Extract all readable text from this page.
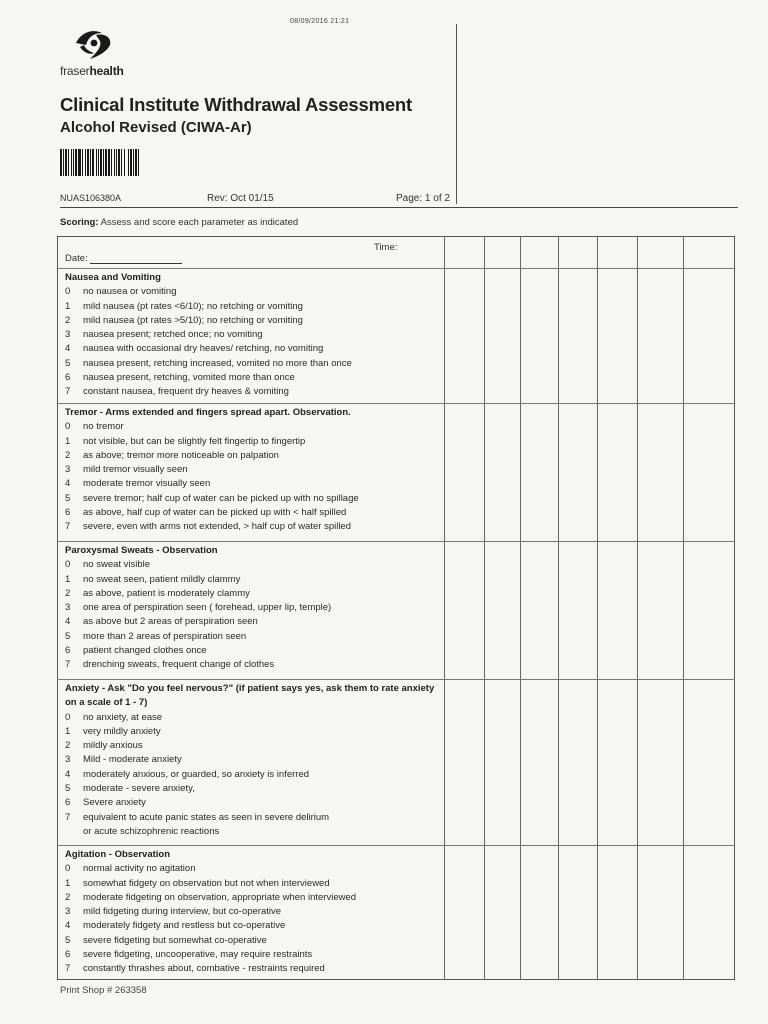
08/09/2016 21:21
fraserhealth
Clinical Institute Withdrawal Assessment
Alcohol Revised (CIWA-Ar)
NUAS106380A	Rev: Oct 01/15	Page: 1 of 2
Scoring: Assess and score each parameter as indicated
Time:
Date:
Nausea and Vomiting
0	no nausea or vomiting
1	mild nausea (pt rates <6/10); no retching or vomiting
2	mild nausea (pt rates >5/10); no retching or vomiting
3	nausea present; retched once; no vomiting
4	nausea with occasional dry heaves/ retching, no vomiting
5	nausea present, retching increased, vomited no more than once
6	nausea present, retching, vomited more than once
7	constant nausea, frequent dry heaves & vomiting
Tremor - Arms extended and fingers spread apart. Observation.
0	no tremor
1	not visible, but can be slightly felt fingertip to fingertip
2	as above; tremor more noticeable on palpation
3	mild tremor visually seen
4	moderate tremor visually seen
5	severe tremor; half cup of water can be picked up with no spillage
6	as above, half cup of water can be picked up with < half spilled
7	severe, even with arms not extended, > half cup of water spilled
Paroxysmal Sweats - Observation
0	no sweat visible
1	no sweat seen, patient mildly clammy
2	as above, patient is moderately clammy
3	one area of perspiration seen ( forehead, upper lip, temple)
4	as above but 2 areas of perspiration seen
5	more than 2 areas of perspiration seen
6	patient changed clothes once
7	drenching sweats, frequent change of clothes
Anxiety - Ask "Do you feel nervous?" (if patient says yes, ask them to rate anxiety on a scale of 1 - 7)
0	no anxiety, at ease
1	very mildly anxiety
2	mildly anxious
3	Mild - moderate anxiety
4	moderately anxious, or guarded, so anxiety is inferred
5	moderate - severe anxiety,
6	Severe anxiety
7	equivalent to acute panic states as seen in severe delirium
or acute schizophrenic reactions
Agitation - Observation
0	normal activity no agitation
1	somewhat fidgety on observation but not when interviewed
2	moderate fidgeting on observation, appropriate when interviewed
3	mild fidgeting during interview, but co-operative
4	moderately fidgety and restless but co-operative
5	severe fidgeting but somewhat co-operative
6	severe fidgeting, uncooperative, may require restraints
7	constantly thrashes about, combative - restraints required
Print Shop # 263358
